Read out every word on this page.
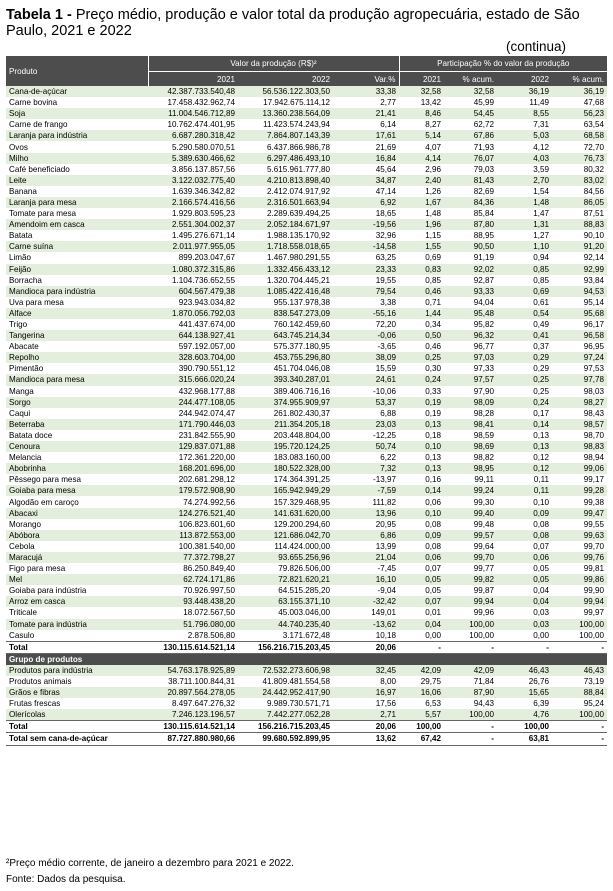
Tabela 1 - Preço médio, produção e valor total da produção agropecuária, estado de São Paulo, 2021 e 2022
(continua)
Produto	Valor da produção (R$)²			Participação % do valor da produção			
	2021	2022	Var.%	2021	% acum.	2022	% acum.
Cana-de-açúcar	42.387.733.540,48	56.536.122.303,50	33,38	32,58	32,58	36,19	36,19
Carne bovina	17.458.432.962,74	17.942.675.114,12	2,77	13,42	45,99	11,49	47,68
Soja	11.004.546.712,89	13.360.238.564,09	21,41	8,46	54,45	8,55	56,23
Carne de frango	10.762.474.401,95	11.423.574.243,94	6,14	8,27	62,72	7,31	63,54
Laranja para indústria	6.687.280.318,42	7.864.807.143,39	17,61	5,14	67,86	5,03	68,58
Ovos	5.290.580.070,51	6.437.866.986,78	21,69	4,07	71,93	4,12	72,70
Milho	5.389.630.466,62	6.297.486.493,10	16,84	4,14	76,07	4,03	76,73
Café beneficiado	3.856.137.857,56	5.615.961.777,80	45,64	2,96	79,03	3,59	80,32
Leite	3.122.032.775,40	4.210.813.898,40	34,87	2,40	81,43	2,70	83,02
Banana	1.639.346.342,82	2.412.074.917,92	47,14	1,26	82,69	1,54	84,56
Laranja para mesa	2.166.574.416,56	2.316.501.663,94	6,92	1,67	84,36	1,48	86,05
Tomate para mesa	1.929.803.595,23	2.289.639.494,25	18,65	1,48	85,84	1,47	87,51
Amendoim em casca	2.551.304.002,37	2.052.184.671,97	-19,56	1,96	87,80	1,31	88,83
Batata	1.495.276.671,14	1.988.135.170,92	32,96	1,15	88,95	1,27	90,10
Carne suína	2.011.977.955,05	1.718.558.018,65	-14,58	1,55	90,50	1,10	91,20
Limão	899.203.047,67	1.467.980.291,55	63,25	0,69	91,19	0,94	92,14
Feijão	1.080.372.315,86	1.332.456.433,12	23,33	0,83	92,02	0,85	92,99
Borracha	1.104.736.652,55	1.320.704.445,21	19,55	0,85	92,87	0,85	93,84
Mandioca para indústria	604.567.479,38	1.085.422.416,48	79,54	0,46	93,33	0,69	94,53
Uva para mesa	923.943.034,82	955.137.978,38	3,38	0,71	94,04	0,61	95,14
Alface	1.870.056.792,03	838.547.273,09	-55,16	1,44	95,48	0,54	95,68
Trigo	441.437.674,00	760.142.459,60	72,20	0,34	95,82	0,49	96,17
Tangerina	644.138.927,41	643.745.214,34	-0,06	0,50	96,32	0,41	96,58
Abacate	597.192.057,00	575.377.180,95	-3,65	0,46	96,77	0,37	96,95
Repolho	328.603.704,00	453.755.296,80	38,09	0,25	97,03	0,29	97,24
Pimentão	390.790.551,12	451.704.046,08	15,59	0,30	97,33	0,29	97,53
Mandioca para mesa	315.666.020,24	393.340.287,01	24,61	0,24	97,57	0,25	97,78
Manga	432.968.177,88	389.406.716,16	-10,06	0,33	97,90	0,25	98,03
Sorgo	244.477.108,05	374.955.909,97	53,37	0,19	98,09	0,24	98,27
Caqui	244.942.074,47	261.802.430,37	6,88	0,19	98,28	0,17	98,43
Beterraba	171.790.446,03	211.354.205,18	23,03	0,13	98,41	0,14	98,57
Batata doce	231.842.555,90	203.448.804,00	-12,25	0,18	98,59	0,13	98,70
Cenoura	129.837.071,88	195.720.124,25	50,74	0,10	98,69	0,13	98,83
Melancia	172.361.220,00	183.083.160,00	6,22	0,13	98,82	0,12	98,94
Abobrinha	168.201.696,00	180.522.328,00	7,32	0,13	98,95	0,12	99,06
Pêssego para mesa	202.681.298,12	174.364.391,25	-13,97	0,16	99,11	0,11	99,17
Goiaba para mesa	179.572.908,90	165.942.949,29	-7,59	0,14	99,24	0,11	99,28
Algodão em caroço	74.274.992,56	157.329.468,95	111,82	0,06	99,30	0,10	99,38
Abacaxi	124.276.521,40	141.631.620,00	13,96	0,10	99,40	0,09	99,47
Morango	106.823.601,60	129.200.294,60	20,95	0,08	99,48	0,08	99,55
Abóbora	113.872.553,00	121.686.042,70	6,86	0,09	99,57	0,08	99,63
Cebola	100.381.540,00	114.424.000,00	13,99	0,08	99,64	0,07	99,70
Maracujá	77.372.798,27	93.655.256,96	21,04	0,06	99,70	0,06	99,76
Figo para mesa	86.250.849,40	79.826.506,00	-7,45	0,07	99,77	0,05	99,81
Mel	62.724.171,86	72.821.620,21	16,10	0,05	99,82	0,05	99,86
Goiaba para indústria	70.926.997,50	64.515.285,20	-9,04	0,05	99,87	0,04	99,90
Arroz em casca	93.448.438,20	63.155.371,10	-32,42	0,07	99,94	0,04	99,94
Triticale	18.072.567,50	45.003.046,00	149,01	0,01	99,96	0,03	99,97
Tomate para indústria	51.796.080,00	44.740.235,40	-13,62	0,04	100,00	0,03	100,00
Casulo	2.878.506,80	3.171.672,48	10,18	0,00	100,00	0,00	100,00
Total	130.115.614.521,14	156.216.715.203,45	20,06	-	-	-	-
Grupo de produtos							
Produtos para indústria	54.763.178.925,89	72.532.273.606,98	32,45	42,09	42,09	46,43	46,43
Produtos animais	38.711.100.844,31	41.809.481.554,58	8,00	29,75	71,84	26,76	73,19
Grãos e fibras	20.897.564.278,05	24.442.952.417,90	16,97	16,06	87,90	15,65	88,84
Frutas frescas	8.497.647.276,32	9.989.730.571,71	17,56	6,53	94,43	6,39	95,24
Olerícolas	7.246.123.196,57	7.442.277.052,28	2,71	5,57	100,00	4,76	100,00
Total	130.115.614.521,14	156.216.715.203,45	20,06	100,00	-	100,00	-
Total sem cana-de-açúcar	87.727.880.980,66	99.680.592.899,95	13,62	67,42	-	63,81	-
²Preço médio corrente, de janeiro a dezembro para 2021 e 2022.
Fonte: Dados da pesquisa.
